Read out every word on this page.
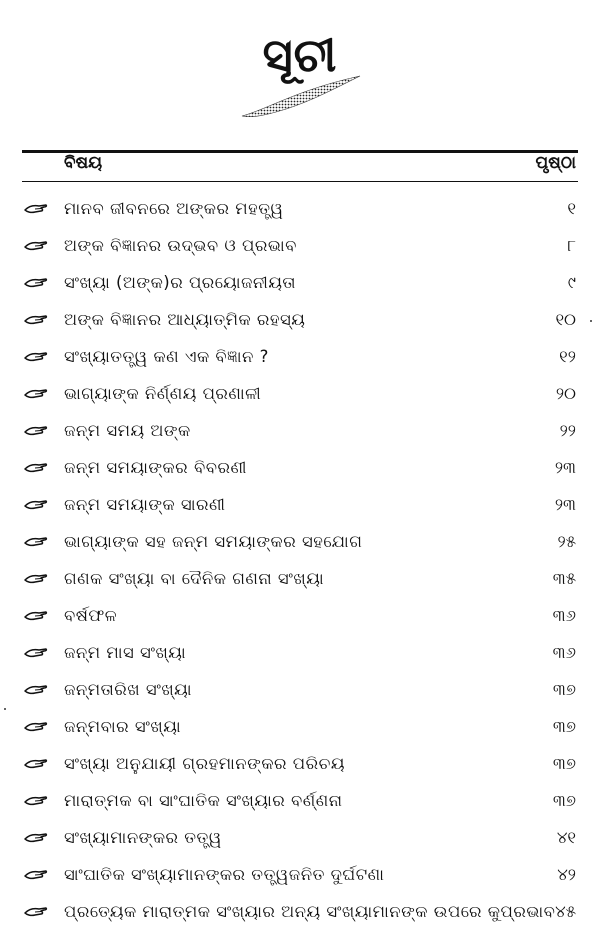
ସୂଚୀ
ବିଷୟ	ପୃଷ୍ଠା
ମାନବ ଜୀବନରେ ଅଙ୍କର ମହତ୍ତ୍ୱ	୧
ଅଙ୍କ ବିଜ୍ଞାନର ଉଦ୍ଭବ ଓ ପ୍ରଭାବ	୮
ସଂଖ୍ୟା (ଅଙ୍କ)ର ପ୍ରୟୋଜନୀୟତା	୯
ଅଙ୍କ ବିଜ୍ଞାନର ଆଧ୍ୟାତ୍ମିକ ରହସ୍ୟ	୧୦
ସଂଖ୍ୟାତତ୍ତ୍ୱ କଣ ଏକ ବିଜ୍ଞାନ ?	୧୨
ଭାଗ୍ୟାଙ୍କ ନିର୍ଣ୍ଣୟ ପ୍ରଣାଳୀ	୨୦
ଜନ୍ମ ସମୟ ଅଙ୍କ	୨୨
ଜନ୍ମ ସମୟାଙ୍କର ବିବରଣୀ	୨୩
ଜନ୍ମ ସମୟାଙ୍କ ସାରଣୀ	୨୩
ଭାଗ୍ୟାଙ୍କ ସହ ଜନ୍ମ ସମୟାଙ୍କର ସହଯୋଗ	୨୫
ଗଣକ ସଂଖ୍ୟା ବା ଦୈନିକ ଗଣନା ସଂଖ୍ୟା	୩୫
ବର୍ଷଫଳ	୩୬
ଜନ୍ମ ମାସ ସଂଖ୍ୟା	୩୬
ଜନ୍ମତାରିଖ ସଂଖ୍ୟା	୩୭
ଜନ୍ମବାର ସଂଖ୍ୟା	୩୭
ସଂଖ୍ୟା ଅନୁଯାୟୀ ଗ୍ରହମାନଙ୍କର ପରିଚୟ	୩୭
ମାରାତ୍ମକ ବା ସାଂଘାତିକ ସଂଖ୍ୟାର ବର୍ଣ୍ଣନା	୩୭
ସଂଖ୍ୟାମାନଙ୍କର ତତ୍ତ୍ୱ	୪୧
ସାଂଘାତିକ ସଂଖ୍ୟାମାନଙ୍କର ତତ୍ତ୍ୱଜନିତ ଦୁର୍ଘଟଣା	୪୨
ପ୍ରତ୍ୟେକ ମାରାତ୍ମକ ସଂଖ୍ୟାର ଅନ୍ୟ ସଂଖ୍ୟାମାନଙ୍କ ଉପରେ କୁପ୍ରଭାବ ୪୫
